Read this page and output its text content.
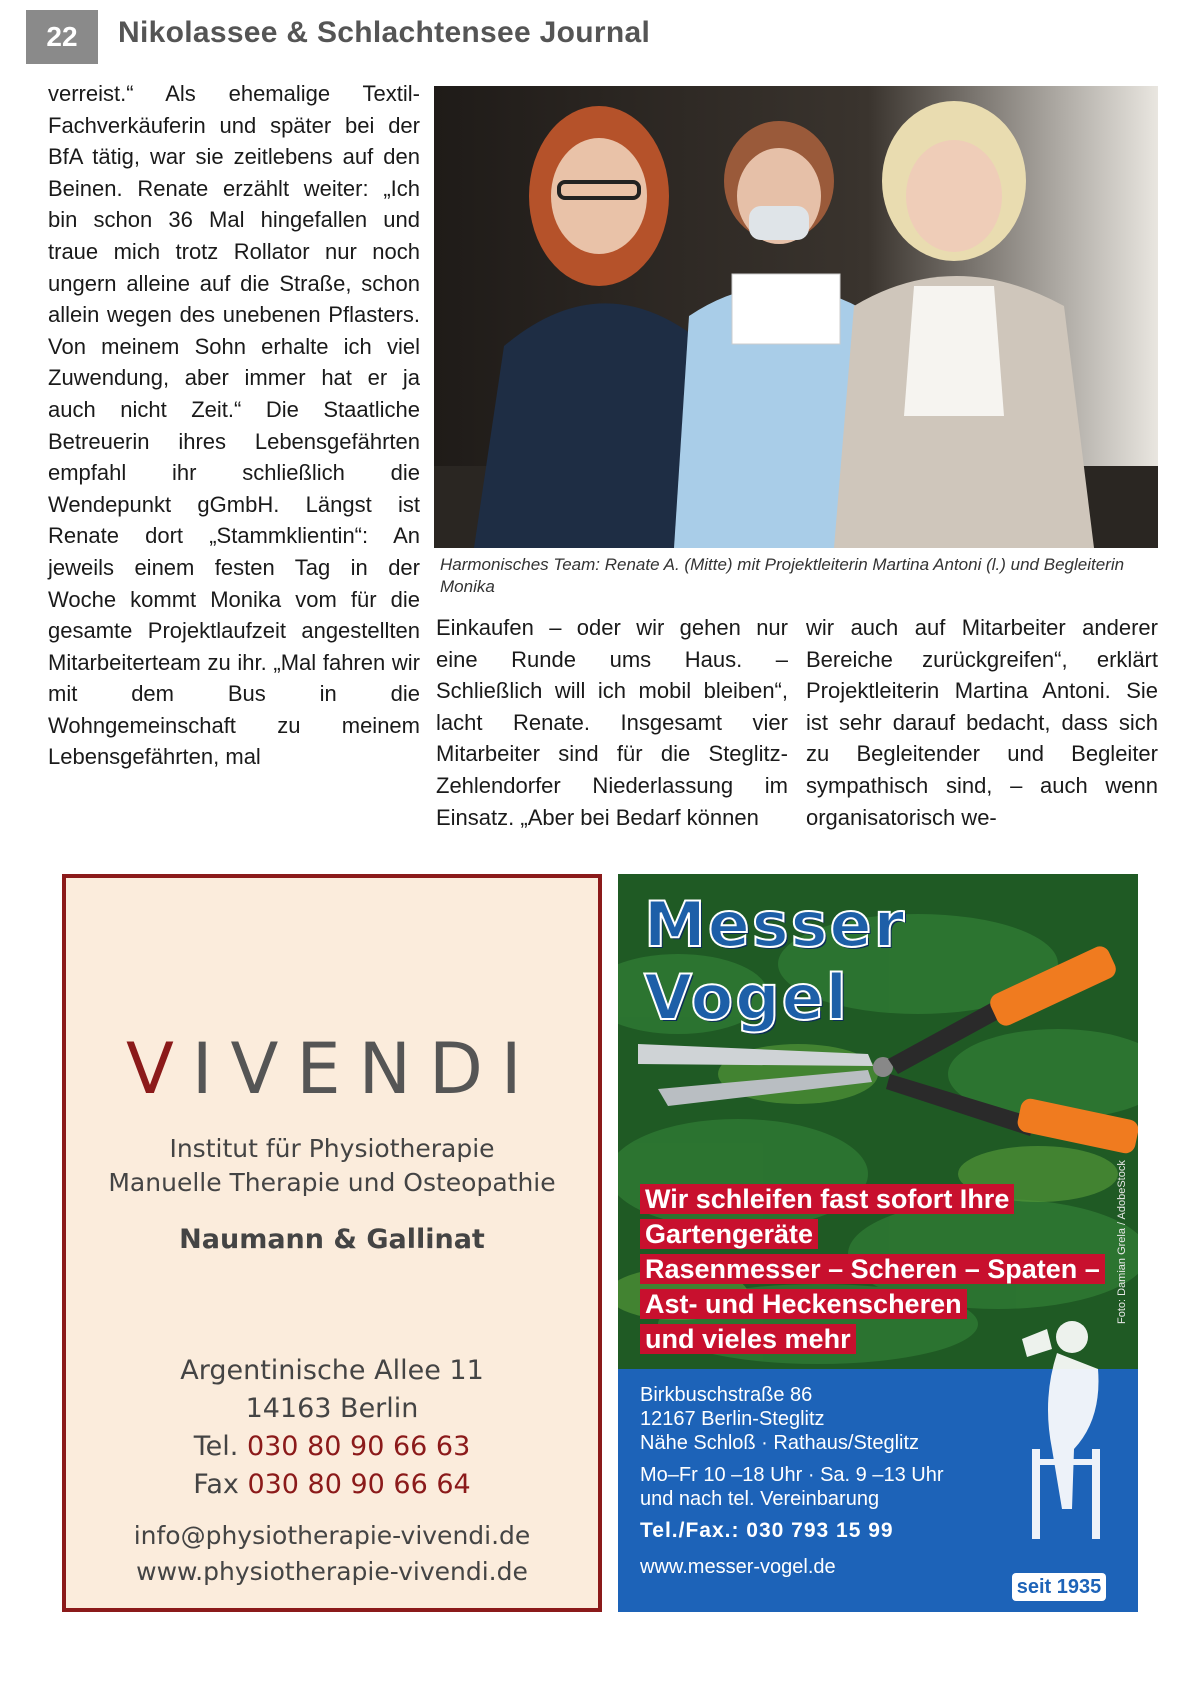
22	Nikolassee & Schlachtensee Journal
verreist.“ Als ehemalige Textil-Fachverkäuferin und später bei der BfA tätig, war sie zeitlebens auf den Beinen. Renate erzählt weiter: „Ich bin schon 36 Mal hingefallen und traue mich trotz Rollator nur noch ungern alleine auf die Straße, schon allein wegen des unebenen Pflasters. Von meinem Sohn erhalte ich viel Zuwendung, aber immer hat er ja auch nicht Zeit.“ Die Staatliche Betreuerin ihres Lebensgefährten empfahl ihr schließlich die Wendepunkt gGmbH. Längst ist Renate dort „Stammklientin“: An jeweils einem festen Tag in der Woche kommt Monika vom für die gesamte Projektlaufzeit angestellten Mitarbeiterteam zu ihr. „Mal fahren wir mit dem Bus in die Wohngemeinschaft zu meinem Lebensgefährten, mal
Harmonisches Team: Renate A. (Mitte) mit Projektleiterin Martina Antoni (l.) und Begleiterin Monika
Einkaufen – oder wir gehen nur eine Runde ums Haus. – Schließlich will ich mobil bleiben“, lacht Renate. Insgesamt vier Mitarbeiter sind für die Steglitz-Zehlendorfer Niederlassung im Einsatz. „Aber bei Bedarf können
wir auch auf Mitarbeiter anderer Bereiche zurückgreifen“, erklärt Projektleiterin Martina Antoni. Sie ist sehr darauf bedacht, dass sich zu Begleitender und Begleiter sympathisch sind, – auch wenn organisatorisch we-
VIVENDI
Institut für Physiotherapie
Manuelle Therapie und Osteopathie
Naumann & Gallinat
Argentinische Allee 11
14163 Berlin
Tel. 030 80 90 66 63
Fax 030 80 90 66 64
info@physiotherapie-vivendi.de
www.physiotherapie-vivendi.de
Messer Vogel
Wir schleifen fast sofort Ihre
Gartengeräte
Rasenmesser – Scheren – Spaten –
Ast- und Heckenscheren
und vieles mehr
Foto: Damian Grela / AdobeStock
Birkbuschstraße 86
12167 Berlin-Steglitz
Nähe Schloß · Rathaus/Steglitz
Mo–Fr 10 –18 Uhr · Sa. 9 –13 Uhr
und nach tel. Vereinbarung
Tel./Fax.: 030 793 15 99
www.messer-vogel.de
seit 1935
